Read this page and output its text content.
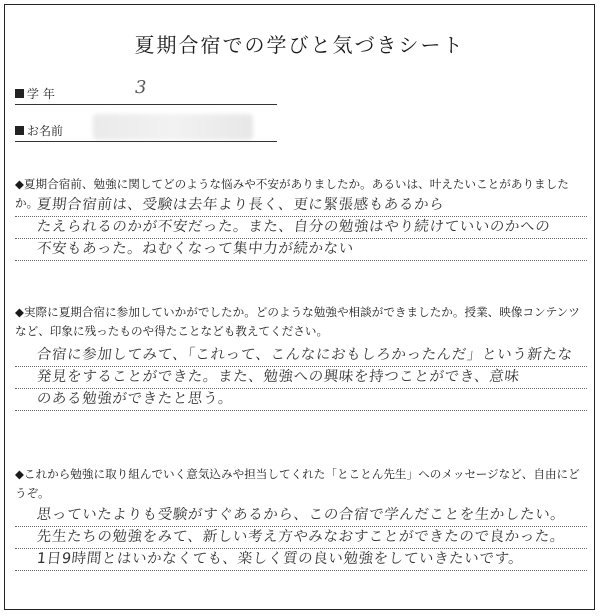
夏期合宿での学びと気づきシート
学 年	3
お名前
◆夏期合宿前、勉強に関してどのような悩みや不安がありましたか。あるいは、叶えたいことがありましたか。
夏期合宿前は、受験は去年より長く、更に緊張感もあるから
たえられるのかが不安だった。また、自分の勉強はやり続けていいのかへの
不安もあった。ねむくなって集中力が続かない
◆実際に夏期合宿に参加していかがでしたか。どのような勉強や相談ができましたか。授業、映像コンテンツなど、印象に残ったものや得たことなども教えてください。
合宿に参加してみて、「これって、こんなにおもしろかったんだ」という新たな
発見をすることができた。また、勉強への興味を持つことができ、意味
のある勉強ができたと思う。
◆これから勉強に取り組んでいく意気込みや担当してくれた「とことん先生」へのメッセージなど、自由にどうぞ。
思っていたよりも受験がすぐあるから、この合宿で学んだことを生かしたい。
先生たちの勉強をみて、新しい考え方やみなおすことができたので良かった。
1日9時間とはいかなくても、楽しく質の良い勉強をしていきたいです。
